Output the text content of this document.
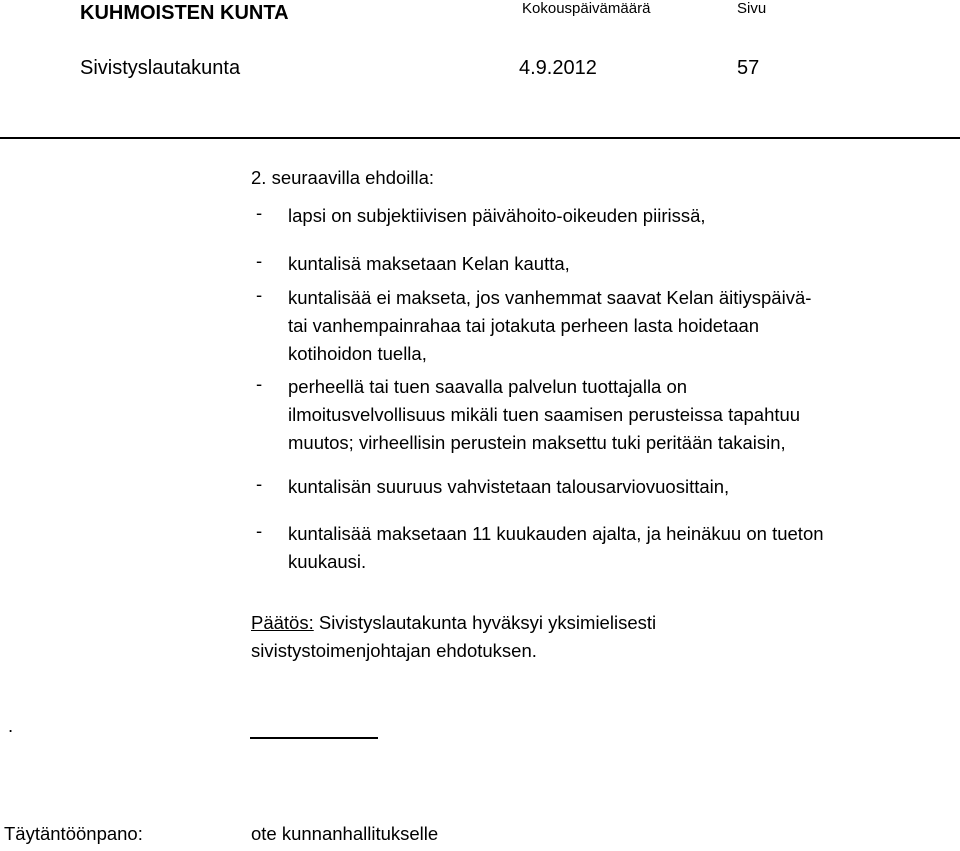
KUHMOISTEN KUNTA	Kokouspäivämäärä	Sivu
Sivistyslautakunta	4.9.2012	57
2. seuraavilla ehdoilla:
- lapsi on subjektiivisen päivähoito-oikeuden piirissä,
- kuntalisä maksetaan Kelan kautta,
- kuntalisää ei makseta, jos vanhemmat saavat Kelan äitiyspäivä-
tai vanhempainrahaa tai jotakuta perheen lasta hoidetaan
kotihoidon tuella,
- perheellä tai tuen saavalla palvelun tuottajalla on
ilmoitusvelvollisuus mikäli tuen saamisen perusteissa tapahtuu
muutos; virheellisin perustein maksettu tuki peritään takaisin,
- kuntalisän suuruus vahvistetaan talousarviovuosittain,
- kuntalisää maksetaan 11 kuukauden ajalta, ja heinäkuu on tueton
kuukausi.
Päätös: Sivistyslautakunta hyväksyi yksimielisesti
sivistystoimenjohtajan ehdotuksen.
.
Täytäntöönpano:	ote kunnanhallitukselle
